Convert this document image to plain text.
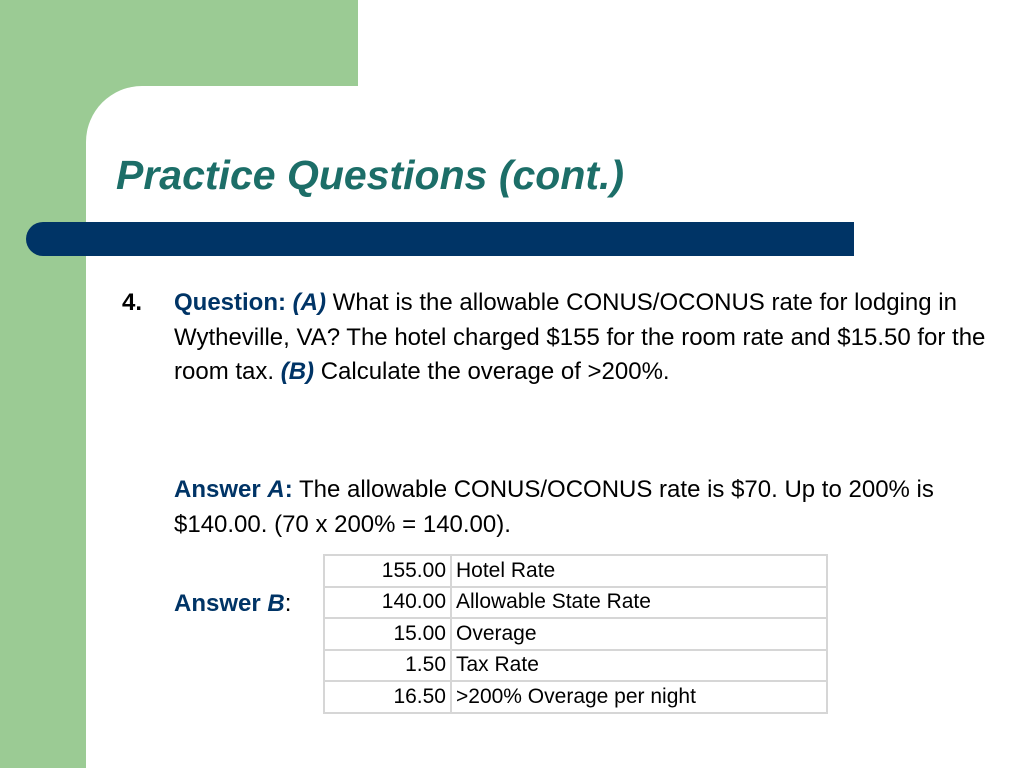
Practice Questions (cont.)
4. Question: (A) What is the allowable CONUS/OCONUS rate for lodging in Wytheville, VA? The hotel charged $155 for the room rate and $15.50 for the room tax. (B) Calculate the overage of >200%.

Answer A: The allowable CONUS/OCONUS rate is $70. Up to 200% is $140.00. (70 x 200% = 140.00).

Answer B:
155.00	Hotel Rate
140.00	Allowable State Rate
15.00	Overage
1.50	Tax Rate
16.50	>200% Overage per night
